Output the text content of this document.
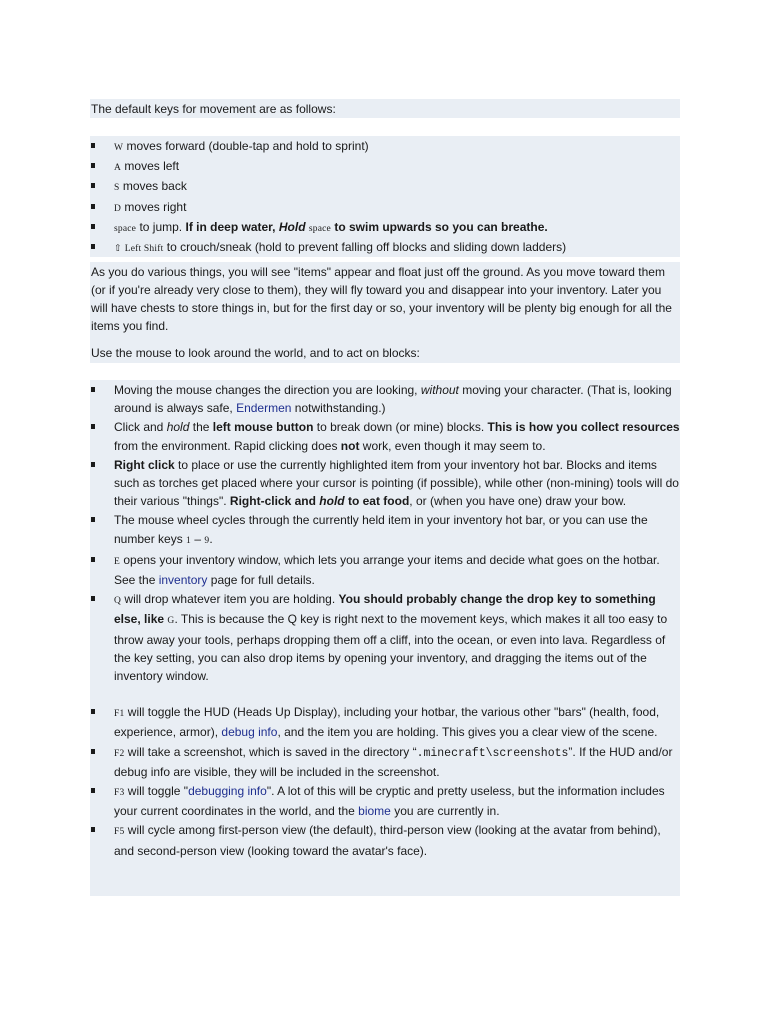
The default keys for movement are as follows:

W moves forward (double-tap and hold to sprint)
A moves left
S moves back
D moves right
space to jump. If in deep water, Hold space to swim upwards so you can breathe.
⇧ Left Shift to crouch/sneak (hold to prevent falling off blocks and sliding down ladders)

As you do various things, you will see "items" appear and float just off the ground. As you move toward them (or if you're already very close to them), they will fly toward you and disappear into your inventory. Later you will have chests to store things in, but for the first day or so, your inventory will be plenty big enough for all the items you find.

Use the mouse to look around the world, and to act on blocks:

Moving the mouse changes the direction you are looking, without moving your character. (That is, looking around is always safe, Endermen notwithstanding.)
Click and hold the left mouse button to break down (or mine) blocks. This is how you collect resources from the environment. Rapid clicking does not work, even though it may seem to.
Right click to place or use the currently highlighted item from your inventory hot bar. Blocks and items such as torches get placed where your cursor is pointing (if possible), while other (non-mining) tools will do their various "things". Right-click and hold to eat food, or (when you have one) draw your bow.
The mouse wheel cycles through the currently held item in your inventory hot bar, or you can use the number keys 1 – 9.
E opens your inventory window, which lets you arrange your items and decide what goes on the hotbar. See the inventory page for full details.
Q will drop whatever item you are holding. You should probably change the drop key to something else, like G. This is because the Q key is right next to the movement keys, which makes it all too easy to throw away your tools, perhaps dropping them off a cliff, into the ocean, or even into lava. Regardless of the key setting, you can also drop items by opening your inventory, and dragging the items out of the inventory window.
F1 will toggle the HUD (Heads Up Display), including your hotbar, the various other "bars" (health, food, experience, armor), debug info, and the item you are holding. This gives you a clear view of the scene.
F2 will take a screenshot, which is saved in the directory “.minecraft\screenshots”. If the HUD and/or debug info are visible, they will be included in the screenshot.
F3 will toggle "debugging info". A lot of this will be cryptic and pretty useless, but the information includes your current coordinates in the world, and the biome you are currently in.
F5 will cycle among first-person view (the default), third-person view (looking at the avatar from behind), and second-person view (looking toward the avatar's face).
